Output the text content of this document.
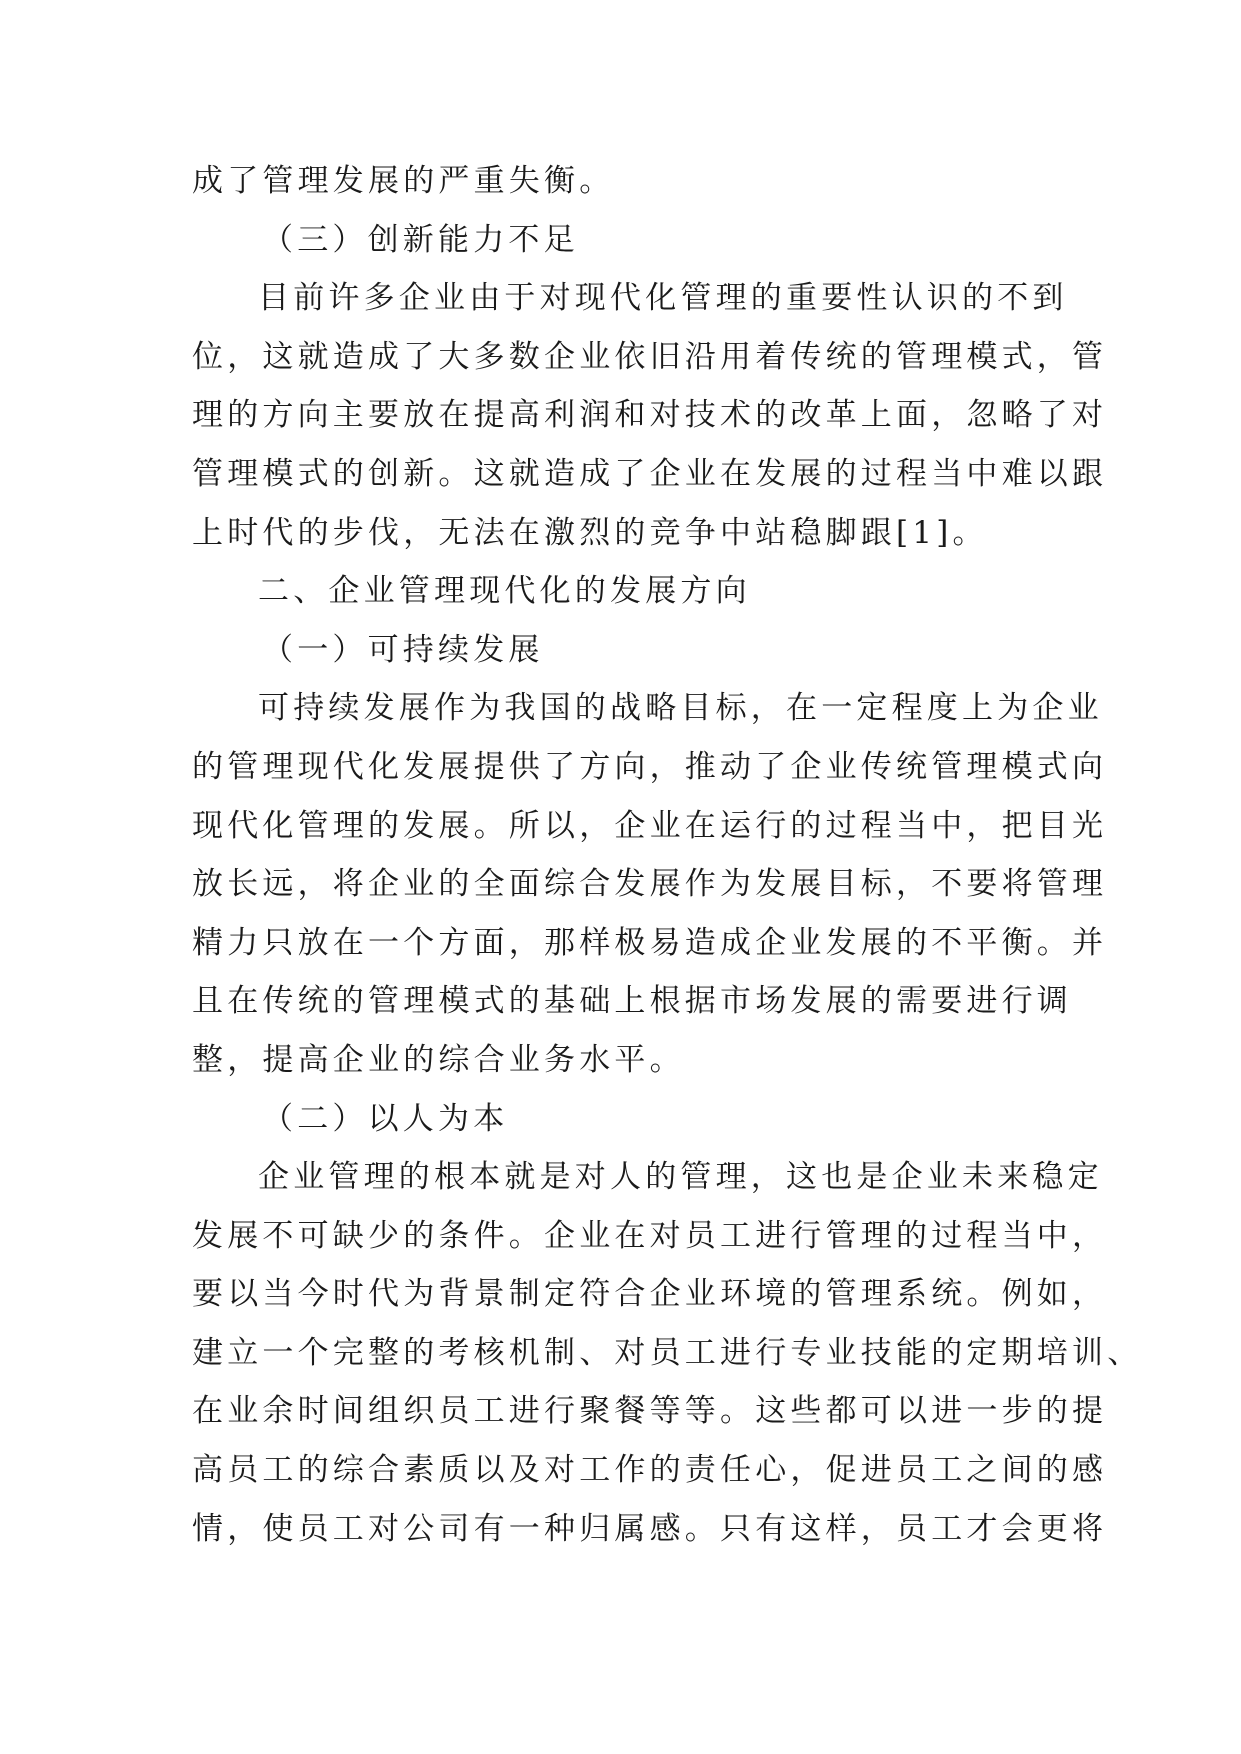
成了管理发展的严重失衡。
（三）创新能力不足
目前许多企业由于对现代化管理的重要性认识的不到
位，这就造成了大多数企业依旧沿用着传统的管理模式，管
理的方向主要放在提高利润和对技术的改革上面，忽略了对
管理模式的创新。这就造成了企业在发展的过程当中难以跟
上时代的步伐，无法在激烈的竞争中站稳脚跟[1]。
二、企业管理现代化的发展方向
（一）可持续发展
可持续发展作为我国的战略目标，在一定程度上为企业
的管理现代化发展提供了方向，推动了企业传统管理模式向
现代化管理的发展。所以，企业在运行的过程当中，把目光
放长远，将企业的全面综合发展作为发展目标，不要将管理
精力只放在一个方面，那样极易造成企业发展的不平衡。并
且在传统的管理模式的基础上根据市场发展的需要进行调
整，提高企业的综合业务水平。
（二）以人为本
企业管理的根本就是对人的管理，这也是企业未来稳定
发展不可缺少的条件。企业在对员工进行管理的过程当中，
要以当今时代为背景制定符合企业环境的管理系统。例如，
建立一个完整的考核机制、对员工进行专业技能的定期培训、
在业余时间组织员工进行聚餐等等。这些都可以进一步的提
高员工的综合素质以及对工作的责任心，促进员工之间的感
情，使员工对公司有一种归属感。只有这样，员工才会更将
